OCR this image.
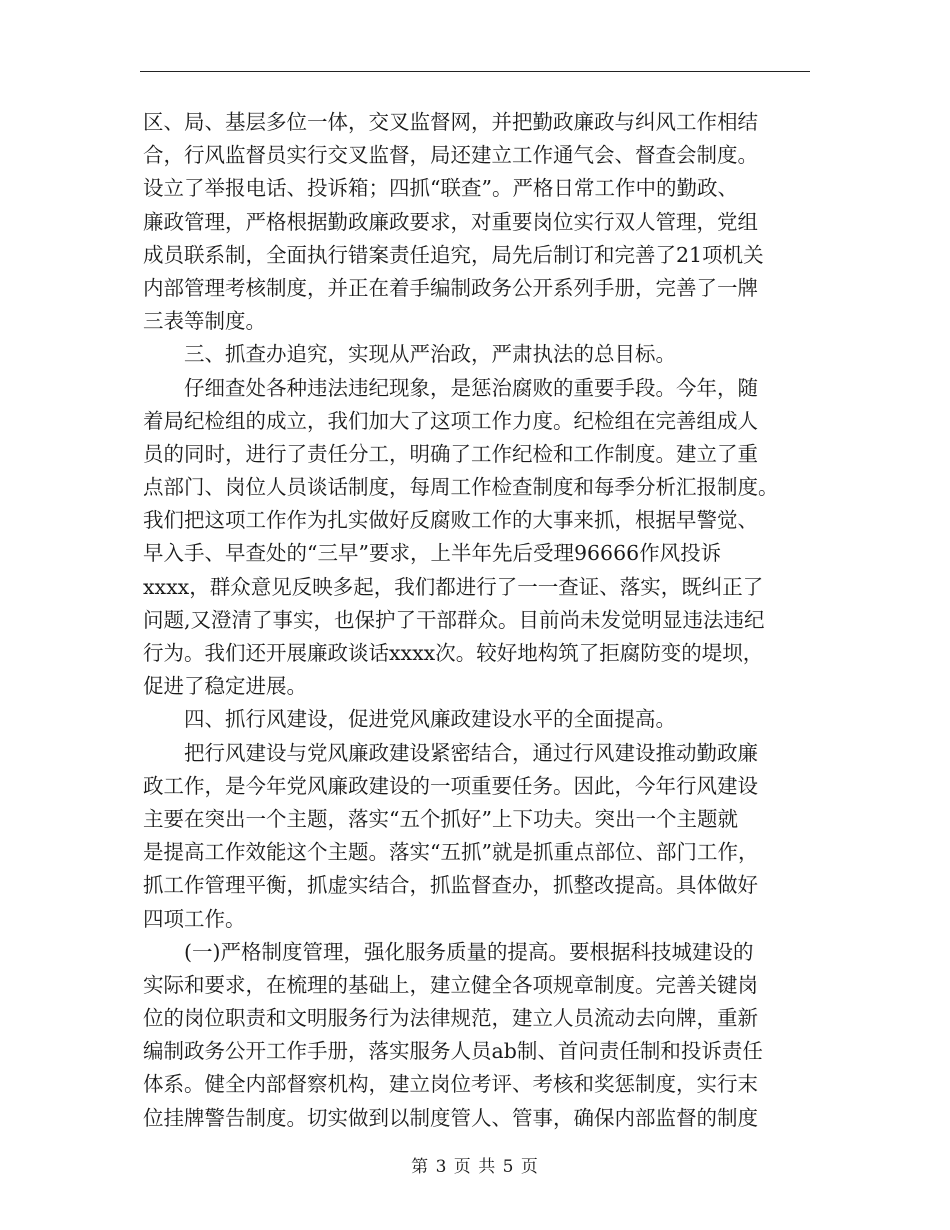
区、局、基层多位一体，交叉监督网，并把勤政廉政与纠风工作相结
合，行风监督员实行交叉监督，局还建立工作通气会、督查会制度。
设立了举报电话、投诉箱；四抓“联查”。严格日常工作中的勤政、
廉政管理，严格根据勤政廉政要求，对重要岗位实行双人管理，党组
成员联系制，全面执行错案责任追究，局先后制订和完善了21项机关
内部管理考核制度，并正在着手编制政务公开系列手册，完善了一牌
三表等制度。
三、抓查办追究，实现从严治政，严肃执法的总目标。
仔细查处各种违法违纪现象，是惩治腐败的重要手段。今年，随
着局纪检组的成立，我们加大了这项工作力度。纪检组在完善组成人
员的同时，进行了责任分工，明确了工作纪检和工作制度。建立了重
点部门、岗位人员谈话制度，每周工作检查制度和每季分析汇报制度。
我们把这项工作作为扎实做好反腐败工作的大事来抓，根据早警觉、
早入手、早查处的“三早”要求，上半年先后受理96666作风投诉
xxxx，群众意见反映多起，我们都进行了一一查证、落实，既纠正了
问题,又澄清了事实，也保护了干部群众。目前尚未发觉明显违法违纪
行为。我们还开展廉政谈话xxxx次。较好地构筑了拒腐防变的堤坝，
促进了稳定进展。
四、抓行风建设，促进党风廉政建设水平的全面提高。
把行风建设与党风廉政建设紧密结合，通过行风建设推动勤政廉
政工作，是今年党风廉政建设的一项重要任务。因此，今年行风建设
主要在突出一个主题，落实“五个抓好”上下功夫。突出一个主题就
是提高工作效能这个主题。落实“五抓”就是抓重点部位、部门工作，
抓工作管理平衡，抓虚实结合，抓监督查办，抓整改提高。具体做好
四项工作。
(一)严格制度管理，强化服务质量的提高。要根据科技城建设的
实际和要求，在梳理的基础上，建立健全各项规章制度。完善关键岗
位的岗位职责和文明服务行为法律规范，建立人员流动去向牌，重新
编制政务公开工作手册，落实服务人员ab制、首问责任制和投诉责任
体系。健全内部督察机构，建立岗位考评、考核和奖惩制度，实行末
位挂牌警告制度。切实做到以制度管人、管事，确保内部监督的制度
第 3 页 共 5 页
